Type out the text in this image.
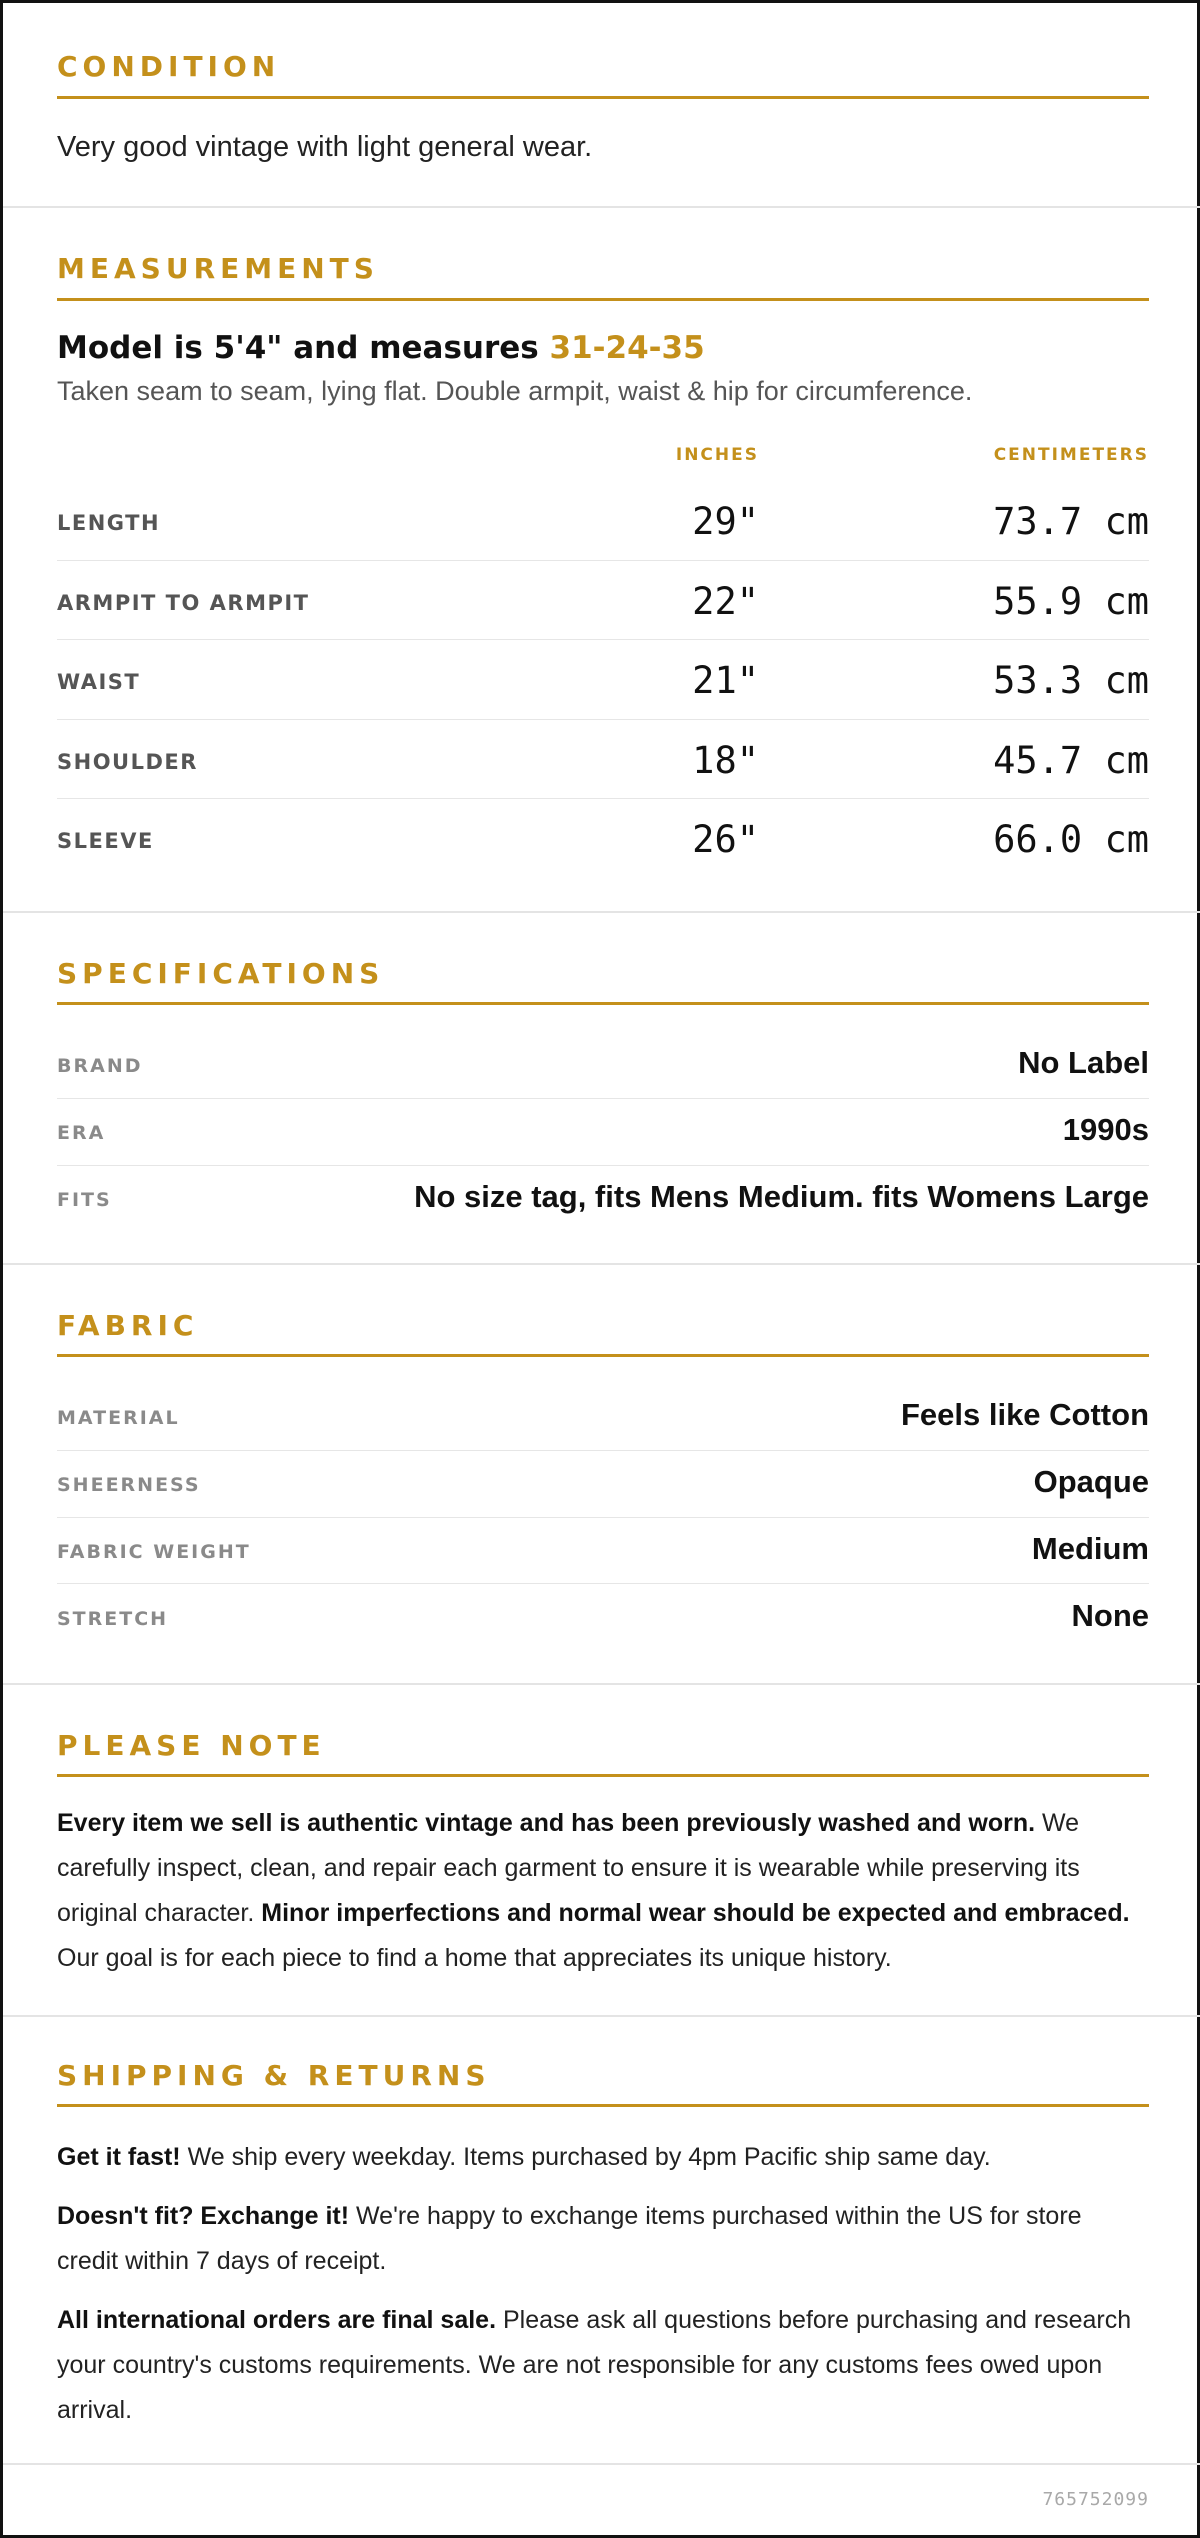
CONDITION
Very good vintage with light general wear.
MEASUREMENTS
Model is 5'4" and measures 31-24-35
Taken seam to seam, lying flat. Double armpit, waist & hip for circumference.
INCHES	CENTIMETERS
LENGTH	29"	73.7 cm
ARMPIT TO ARMPIT	22"	55.9 cm
WAIST	21"	53.3 cm
SHOULDER	18"	45.7 cm
SLEEVE	26"	66.0 cm
SPECIFICATIONS
BRAND	No Label
ERA	1990s
FITS	No size tag, fits Mens Medium. fits Womens Large
FABRIC
MATERIAL	Feels like Cotton
SHEERNESS	Opaque
FABRIC WEIGHT	Medium
STRETCH	None
PLEASE NOTE

Every item we sell is authentic vintage and has been previously washed and worn. We carefully inspect, clean, and repair each garment to ensure it is wearable while preserving its original character. Minor imperfections and normal wear should be expected and embraced. Our goal is for each piece to find a home that appreciates its unique history.

SHIPPING & RETURNS

Get it fast! We ship every weekday. Items purchased by 4pm Pacific ship same day.

Doesn't fit? Exchange it! We're happy to exchange items purchased within the US for store credit within 7 days of receipt.

All international orders are final sale. Please ask all questions before purchasing and research your country's customs requirements. We are not responsible for any customs fees owed upon arrival.

765752099
